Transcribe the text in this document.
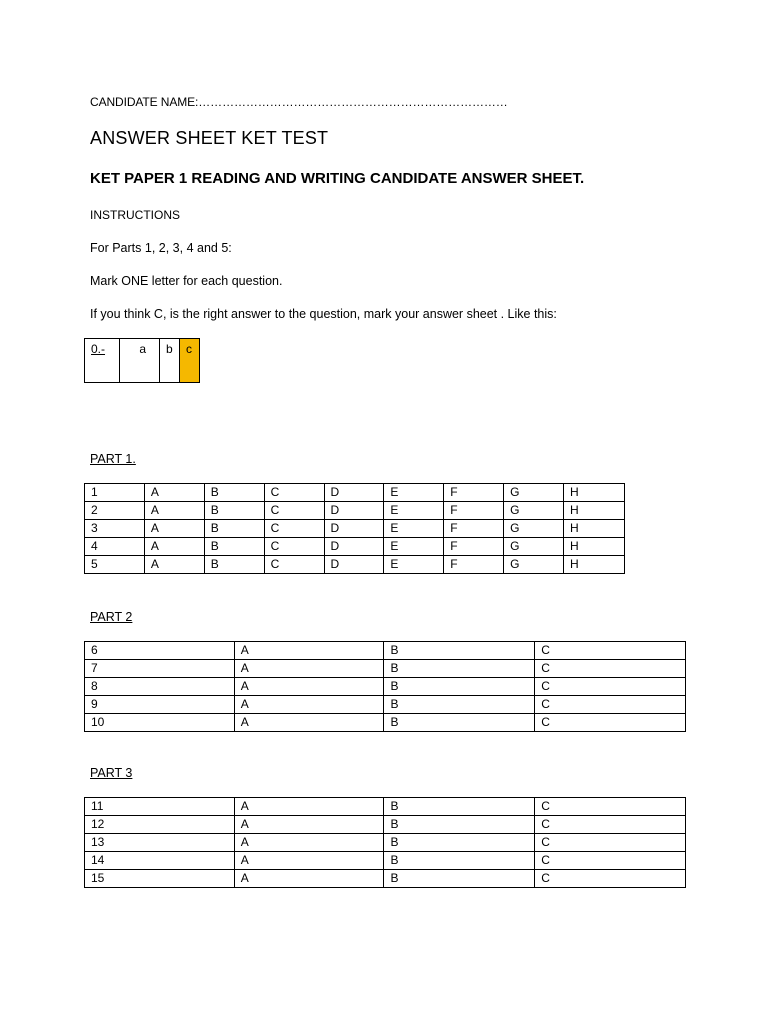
CANDIDATE NAME:……………………………………………………………………
ANSWER SHEET KET TEST
KET PAPER 1 READING AND WRITING CANDIDATE ANSWER SHEET.
INSTRUCTIONS
For Parts 1, 2, 3, 4 and 5:
Mark ONE letter for each question.
If you think C, is the right answer to the question, mark your answer sheet . Like this:
0.-	a	b	c
PART 1.
1	A	B	C	D	E	F	G	H
2	A	B	C	D	E	F	G	H
3	A	B	C	D	E	F	G	H
4	A	B	C	D	E	F	G	H
5	A	B	C	D	E	F	G	H
PART 2
6	A	B	C
7	A	B	C
8	A	B	C
9	A	B	C
10	A	B	C
PART 3
11	A	B	C
12	A	B	C
13	A	B	C
14	A	B	C
15	A	B	C
